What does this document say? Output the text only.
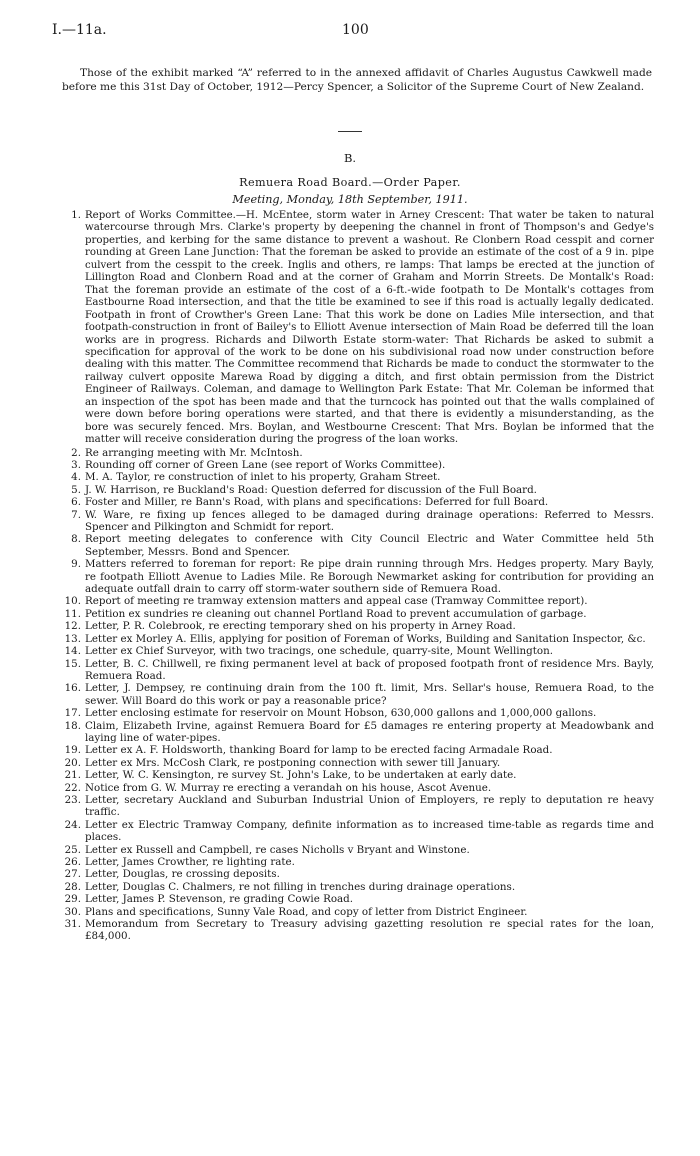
I.—11a.	100

Those of the exhibit marked “A” referred to in the annexed affidavit of Charles Augustus Cawkwell made before me this 31st Day of October, 1912—Percy Spencer, a Solicitor of the Supreme Court of New Zealand.

B.
Remuera Road Board.—Order Paper.
Meeting, Monday, 18th September, 1911.

1. Report of Works Committee.—H. McEntee, storm water in Arney Crescent: That water be taken to natural watercourse through Mrs. Clarke's property by deepening the channel in front of Thompson's and Gedye's properties, and kerbing for the same distance to prevent a washout. Re Clonbern Road cesspit and corner rounding at Green Lane Junction: That the foreman be asked to provide an estimate of the cost of a 9 in. pipe culvert from the cesspit to the creek. Inglis and others, re lamps: That lamps be erected at the junction of Lillington Road and Clonbern Road and at the corner of Graham and Morrin Streets. De Montalk's Road: That the foreman provide an estimate of the cost of a 6-ft.-wide footpath to De Montalk's cottages from Eastbourne Road intersection, and that the title be examined to see if this road is actually legally dedicated. Footpath in front of Crowther's Green Lane: That this work be done on Ladies Mile intersection, and that footpath-construction in front of Bailey's to Elliott Avenue intersection of Main Road be deferred till the loan works are in progress. Richards and Dilworth Estate storm-water: That Richards be asked to submit a specification for approval of the work to be done on his subdivisional road now under construction before dealing with this matter. The Committee recommend that Richards be made to conduct the stormwater to the railway culvert opposite Marewa Road by digging a ditch, and first obtain permission from the District Engineer of Railways. Coleman, and damage to Wellington Park Estate: That Mr. Coleman be informed that an inspection of the spot has been made and that the turncock has pointed out that the walls complained of were down before boring operations were started, and that there is evidently a misunderstanding, as the bore was securely fenced. Mrs. Boylan, and Westbourne Crescent: That Mrs. Boylan be informed that the matter will receive consideration during the progress of the loan works.

2. Re arranging meeting with Mr. McIntosh.

3. Rounding off corner of Green Lane (see report of Works Committee).

4. M. A. Taylor, re construction of inlet to his property, Graham Street.

5. J. W. Harrison, re Buckland's Road: Question deferred for discussion of the Full Board.

6. Foster and Miller, re Bann's Road, with plans and specifications: Deferred for full Board.

7. W. Ware, re fixing up fences alleged to be damaged during drainage operations: Referred to Messrs. Spencer and Pilkington and Schmidt for report.

8. Report meeting delegates to conference with City Council Electric and Water Committee held 5th September, Messrs. Bond and Spencer.

9. Matters referred to foreman for report: Re pipe drain running through Mrs. Hedges property. Mary Bayly, re footpath Elliott Avenue to Ladies Mile. Re Borough Newmarket asking for contribution for providing an adequate outfall drain to carry off storm-water southern side of Remuera Road.

10. Report of meeting re tramway extension matters and appeal case (Tramway Committee report).

11. Petition ex sundries re cleaning out channel Portland Road to prevent accumulation of garbage.

12. Letter, P. R. Colebrook, re erecting temporary shed on his property in Arney Road.

13. Letter ex Morley A. Ellis, applying for position of Foreman of Works, Building and Sanitation Inspector, &c.

14. Letter ex Chief Surveyor, with two tracings, one schedule, quarry-site, Mount Wellington.

15. Letter, B. C. Chillwell, re fixing permanent level at back of proposed footpath front of residence Mrs. Bayly, Remuera Road.

16. Letter, J. Dempsey, re continuing drain from the 100 ft. limit, Mrs. Sellar's house, Remuera Road, to the sewer. Will Board do this work or pay a reasonable price?

17. Letter enclosing estimate for reservoir on Mount Hobson, 630,000 gallons and 1,000,000 gallons.

18. Claim, Elizabeth Irvine, against Remuera Board for £5 damages re entering property at Meadowbank and laying line of water-pipes.

19. Letter ex A. F. Holdsworth, thanking Board for lamp to be erected facing Armadale Road.

20. Letter ex Mrs. McCosh Clark, re postponing connection with sewer till January.

21. Letter, W. C. Kensington, re survey St. John's Lake, to be undertaken at early date.

22. Notice from G. W. Murray re erecting a verandah on his house, Ascot Avenue.

23. Letter, secretary Auckland and Suburban Industrial Union of Employers, re reply to deputation re heavy traffic.

24. Letter ex Electric Tramway Company, definite information as to increased time-table as regards time and places.

25. Letter ex Russell and Campbell, re cases Nicholls v Bryant and Winstone.

26. Letter, James Crowther, re lighting rate.

27. Letter, Douglas, re crossing deposits.

28. Letter, Douglas C. Chalmers, re not filling in trenches during drainage operations.

29. Letter, James P. Stevenson, re grading Cowie Road.

30. Plans and specifications, Sunny Vale Road, and copy of letter from District Engineer.

31. Memorandum from Secretary to Treasury advising gazetting resolution re special rates for the loan, £84,000.
